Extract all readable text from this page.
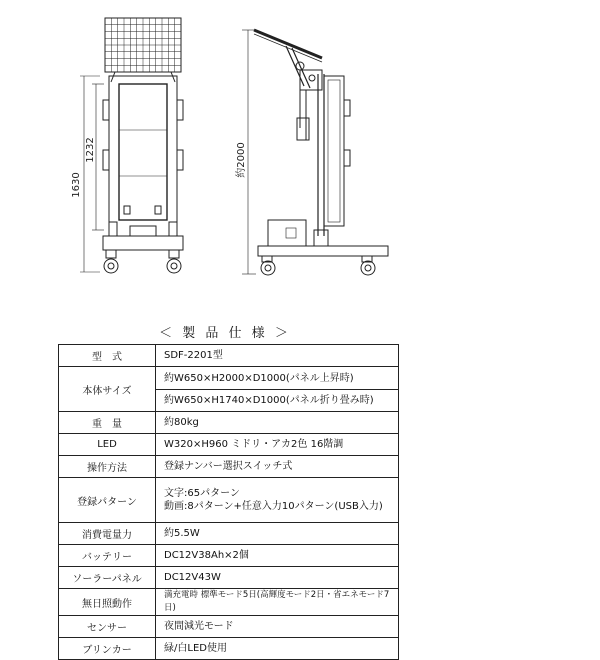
1630
1232	約2000
＜ 製 品 仕 様 ＞
型　式	SDF-2201型
本体サイズ	約W650×H2000×D1000(パネル上昇時)
約W650×H1740×D1000(パネル折り畳み時)

重　量	約80kg
LED	W320×H960 ミドリ・アカ2色 16階調
操作方法	登録ナンバー選択スイッチ式
登録パターン	文字:65パターン
動画:8パターン+任意入力10パターン(USB入力)

消費電量力	約5.5W
バッテリー	DC12V38Ah×2個
ソーラーパネル	DC12V43W
無日照動作	満充電時 標準モード5日(高輝度モード2日・省エネモード7日)
センサー	夜間減光モード
ブリンカー	緑/白LED使用
